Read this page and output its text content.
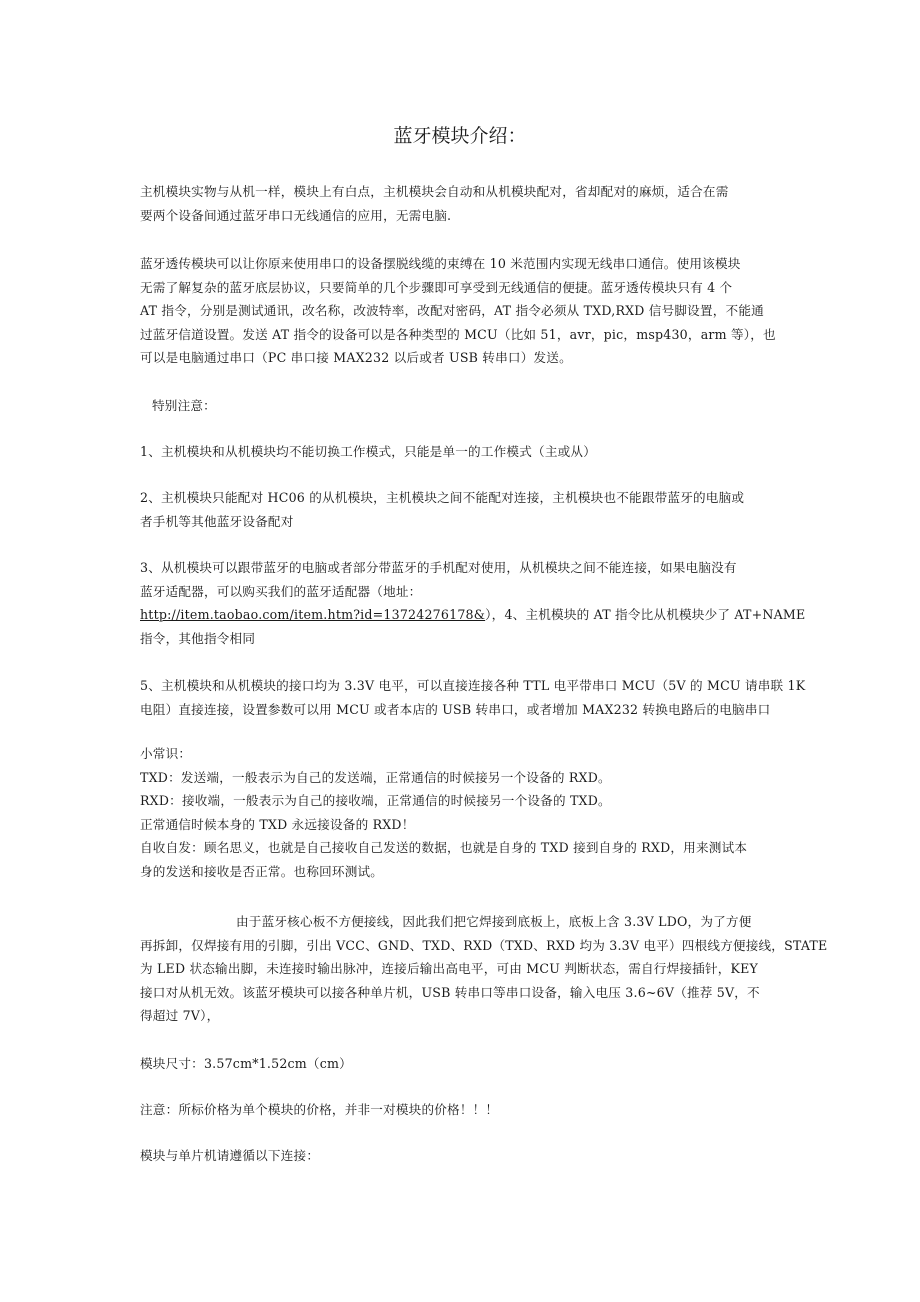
蓝牙模块介绍：

主机模块实物与从机一样，模块上有白点，主机模块会自动和从机模块配对，省却配对的麻烦，适合在需
要两个设备间通过蓝牙串口无线通信的应用，无需电脑.

蓝牙透传模块可以让你原来使用串口的设备摆脱线缆的束缚在 10 米范围内实现无线串口通信。使用该模块
无需了解复杂的蓝牙底层协议，只要简单的几个步骤即可享受到无线通信的便捷。蓝牙透传模块只有 4 个
AT 指令，分别是测试通讯，改名称，改波特率，改配对密码，AT 指令必须从 TXD,RXD 信号脚设置，不能通
过蓝牙信道设置。发送 AT 指令的设备可以是各种类型的 MCU（比如 51，avr，pic，msp430，arm 等），也
可以是电脑通过串口（PC 串口接 MAX232 以后或者 USB 转串口）发送。

特别注意：

1、主机模块和从机模块均不能切换工作模式，只能是单一的工作模式（主或从）

2、主机模块只能配对 HC06 的从机模块，主机模块之间不能配对连接，主机模块也不能跟带蓝牙的电脑或
者手机等其他蓝牙设备配对

3、从机模块可以跟带蓝牙的电脑或者部分带蓝牙的手机配对使用，从机模块之间不能连接，如果电脑没有
蓝牙适配器，可以购买我们的蓝牙适配器（地址：
http://item.taobao.com/item.htm?id=13724276178&），4、主机模块的 AT 指令比从机模块少了 AT+NAME
指令，其他指令相同

5、主机模块和从机模块的接口均为 3.3V 电平，可以直接连接各种 TTL 电平带串口 MCU（5V 的 MCU 请串联 1K
电阻）直接连接，设置参数可以用 MCU 或者本店的 USB 转串口，或者增加 MAX232 转换电路后的电脑串口

小常识：
TXD：发送端，一般表示为自己的发送端，正常通信的时候接另一个设备的 RXD。
RXD：接收端，一般表示为自己的接收端，正常通信的时候接另一个设备的 TXD。
正常通信时候本身的 TXD 永远接设备的 RXD！
自收自发：顾名思义，也就是自己接收自己发送的数据，也就是自身的 TXD 接到自身的 RXD，用来测试本
身的发送和接收是否正常。也称回环测试。

由于蓝牙核心板不方便接线，因此我们把它焊接到底板上，底板上含 3.3V LDO，为了方便
再拆卸，仅焊接有用的引脚，引出 VCC、GND、TXD、RXD（TXD、RXD 均为 3.3V 电平）四根线方便接线，STATE
为 LED 状态输出脚，未连接时输出脉冲，连接后输出高电平，可由 MCU 判断状态，需自行焊接插针，KEY
接口对从机无效。该蓝牙模块可以接各种单片机，USB 转串口等串口设备，输入电压 3.6~6V（推荐 5V，不
得超过 7V），

模块尺寸：3.57cm*1.52cm（cm）

注意：所标价格为单个模块的价格，并非一对模块的价格！！！

模块与单片机请遵循以下连接：
